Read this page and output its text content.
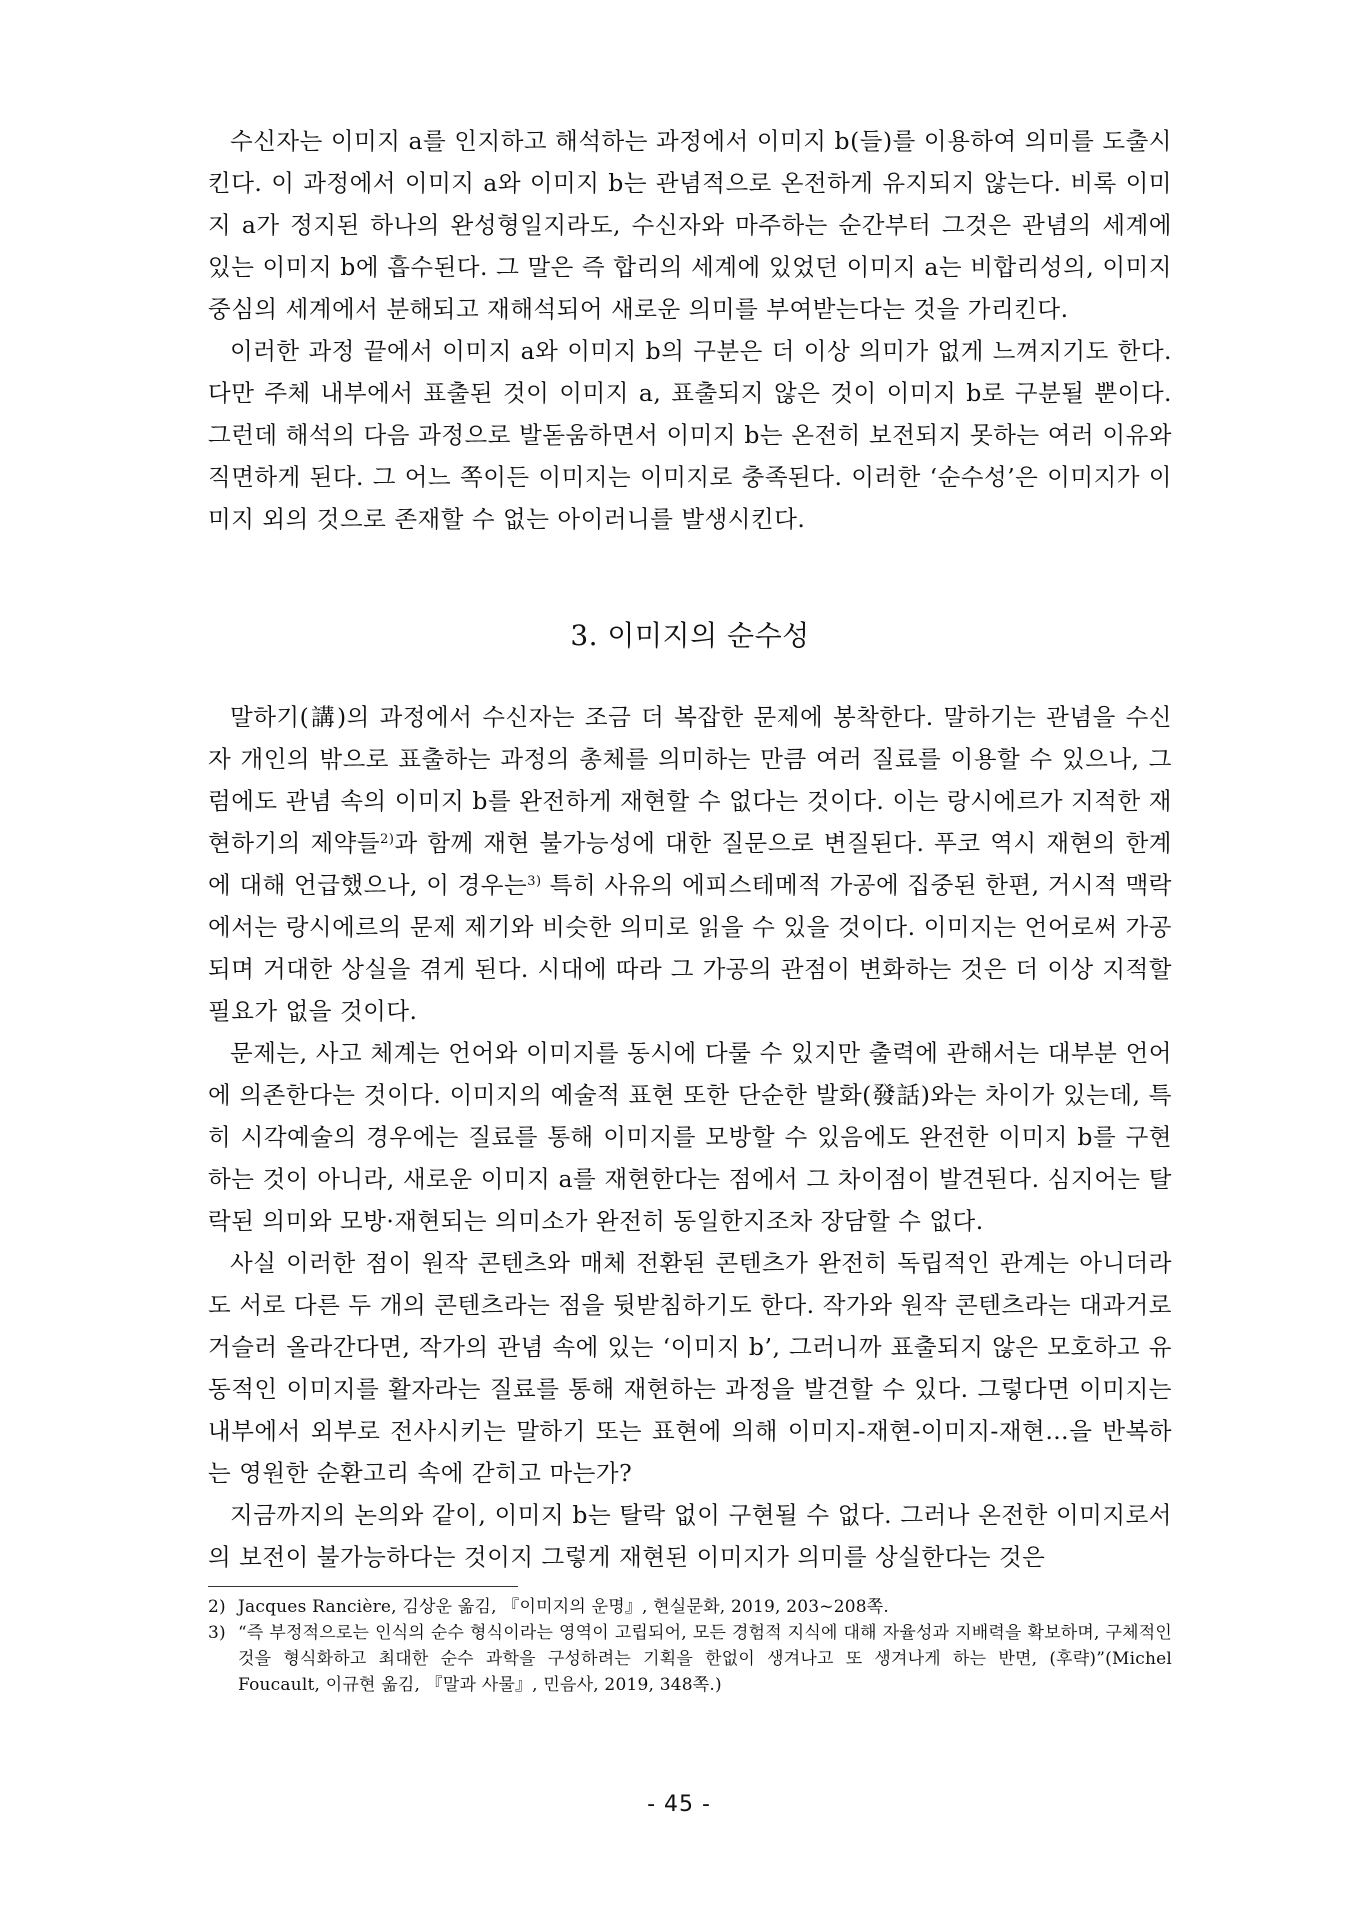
수신자는 이미지 a를 인지하고 해석하는 과정에서 이미지 b(들)를 이용하여 의미를 도출시킨다. 이 과정에서 이미지 a와 이미지 b는 관념적으로 온전하게 유지되지 않는다. 비록 이미지 a가 정지된 하나의 완성형일지라도, 수신자와 마주하는 순간부터 그것은 관념의 세계에 있는 이미지 b에 흡수된다. 그 말은 즉 합리의 세계에 있었던 이미지 a는 비합리성의, 이미지 중심의 세계에서 분해되고 재해석되어 새로운 의미를 부여받는다는 것을 가리킨다.

이러한 과정 끝에서 이미지 a와 이미지 b의 구분은 더 이상 의미가 없게 느껴지기도 한다. 다만 주체 내부에서 표출된 것이 이미지 a, 표출되지 않은 것이 이미지 b로 구분될 뿐이다. 그런데 해석의 다음 과정으로 발돋움하면서 이미지 b는 온전히 보전되지 못하는 여러 이유와 직면하게 된다. 그 어느 쪽이든 이미지는 이미지로 충족된다. 이러한 ‘순수성’은 이미지가 이미지 외의 것으로 존재할 수 없는 아이러니를 발생시킨다.

3. 이미지의 순수성

말하기(講)의 과정에서 수신자는 조금 더 복잡한 문제에 봉착한다. 말하기는 관념을 수신자 개인의 밖으로 표출하는 과정의 총체를 의미하는 만큼 여러 질료를 이용할 수 있으나, 그럼에도 관념 속의 이미지 b를 완전하게 재현할 수 없다는 것이다. 이는 랑시에르가 지적한 재현하기의 제약들$^{2)}$과 함께 재현 불가능성에 대한 질문으로 변질된다. 푸코 역시 재현의 한계에 대해 언급했으나, 이 경우는$^{3)}$ 특히 사유의 에피스테메적 가공에 집중된 한편, 거시적 맥락에서는 랑시에르의 문제 제기와 비슷한 의미로 읽을 수 있을 것이다. 이미지는 언어로써 가공되며 거대한 상실을 겪게 된다. 시대에 따라 그 가공의 관점이 변화하는 것은 더 이상 지적할 필요가 없을 것이다.

문제는, 사고 체계는 언어와 이미지를 동시에 다룰 수 있지만 출력에 관해서는 대부분 언어에 의존한다는 것이다. 이미지의 예술적 표현 또한 단순한 발화(發話)와는 차이가 있는데, 특히 시각예술의 경우에는 질료를 통해 이미지를 모방할 수 있음에도 완전한 이미지 b를 구현하는 것이 아니라, 새로운 이미지 a를 재현한다는 점에서 그 차이점이 발견된다. 심지어는 탈락된 의미와 모방·재현되는 의미소가 완전히 동일한지조차 장담할 수 없다.

사실 이러한 점이 원작 콘텐츠와 매체 전환된 콘텐츠가 완전히 독립적인 관계는 아니더라도 서로 다른 두 개의 콘텐츠라는 점을 뒷받침하기도 한다. 작가와 원작 콘텐츠라는 대과거로 거슬러 올라간다면, 작가의 관념 속에 있는 ‘이미지 b’, 그러니까 표출되지 않은 모호하고 유동적인 이미지를 활자라는 질료를 통해 재현하는 과정을 발견할 수 있다. 그렇다면 이미지는 내부에서 외부로 전사시키는 말하기 또는 표현에 의해 이미지-재현-이미지-재현…을 반복하는 영원한 순환고리 속에 갇히고 마는가?

지금까지의 논의와 같이, 이미지 b는 탈락 없이 구현될 수 없다. 그러나 온전한 이미지로서의 보전이 불가능하다는 것이지 그렇게 재현된 이미지가 의미를 상실한다는 것은

2) Jacques Rancière, 김상운 옮김, 『이미지의 운명』, 현실문화, 2019, 203~208쪽.

3) “즉 부정적으로는 인식의 순수 형식이라는 영역이 고립되어, 모든 경험적 지식에 대해 자율성과 지배력을 확보하며, 구체적인 것을 형식화하고 최대한 순수 과학을 구성하려는 기획을 한없이 생겨나고 또 생겨나게 하는 반면, (후략)”(Michel Foucault, 이규현 옮김, 『말과 사물』, 민음사, 2019, 348쪽.)

- 45 -
